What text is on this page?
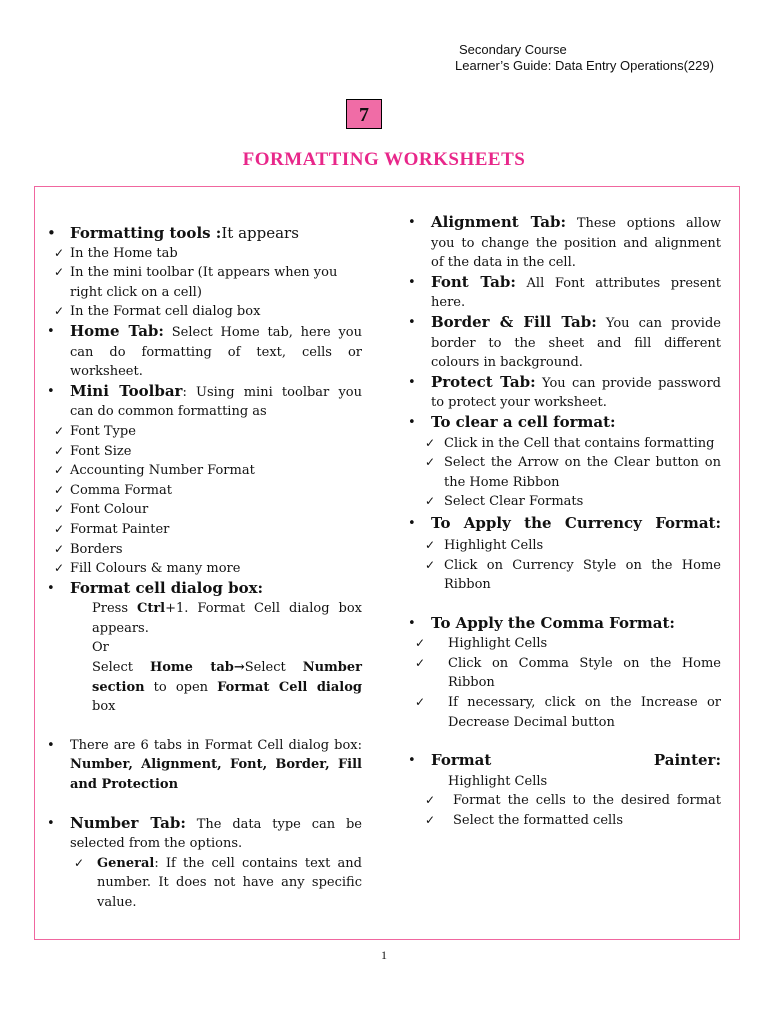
Secondary Course
Learner’s Guide: Data Entry Operations(229)
7
FORMATTING WORKSHEETS
• Formatting tools :It appears
✓ In the Home tab
✓ In the mini toolbar (It appears when you right click on a cell)
✓ In the Format cell dialog box
• Home Tab: Select Home tab, here you can do formatting of text, cells or worksheet.
• Mini Toolbar: Using mini toolbar you can do common formatting as
✓ Font Type
✓ Font Size
✓ Accounting Number Format
✓ Comma Format
✓ Font Colour
✓ Format Painter
✓ Borders
✓ Fill Colours & many more
• Format cell dialog box:
Press Ctrl+1. Format Cell dialog box appears.
Or
Select Home tab→Select Number section to open Format Cell dialog box
• There are 6 tabs in Format Cell dialog box: Number, Alignment, Font, Border, Fill and Protection
• Number Tab: The data type can be selected from the options.
✓ General: If the cell contains text and number. It does not have any specific value.
• Alignment Tab: These options allow you to change the position and alignment of the data in the cell.
• Font Tab: All Font attributes present here.
• Border & Fill Tab: You can provide border to the sheet and fill different colours in background.
• Protect Tab: You can provide password to protect your worksheet.
• To clear a cell format:
✓ Click in the Cell that contains formatting
✓ Select the Arrow on the Clear button on the Home Ribbon
✓ Select Clear Formats
• To Apply the Currency Format:
✓ Highlight Cells
✓ Click on Currency Style on the Home Ribbon
• To Apply the Comma Format:
✓ Highlight Cells
✓ Click on Comma Style on the Home Ribbon
✓ If necessary, click on the Increase or Decrease Decimal button
• Format Painter:
Highlight Cells
✓ Format the cells to the desired format
✓ Select the formatted cells
1
